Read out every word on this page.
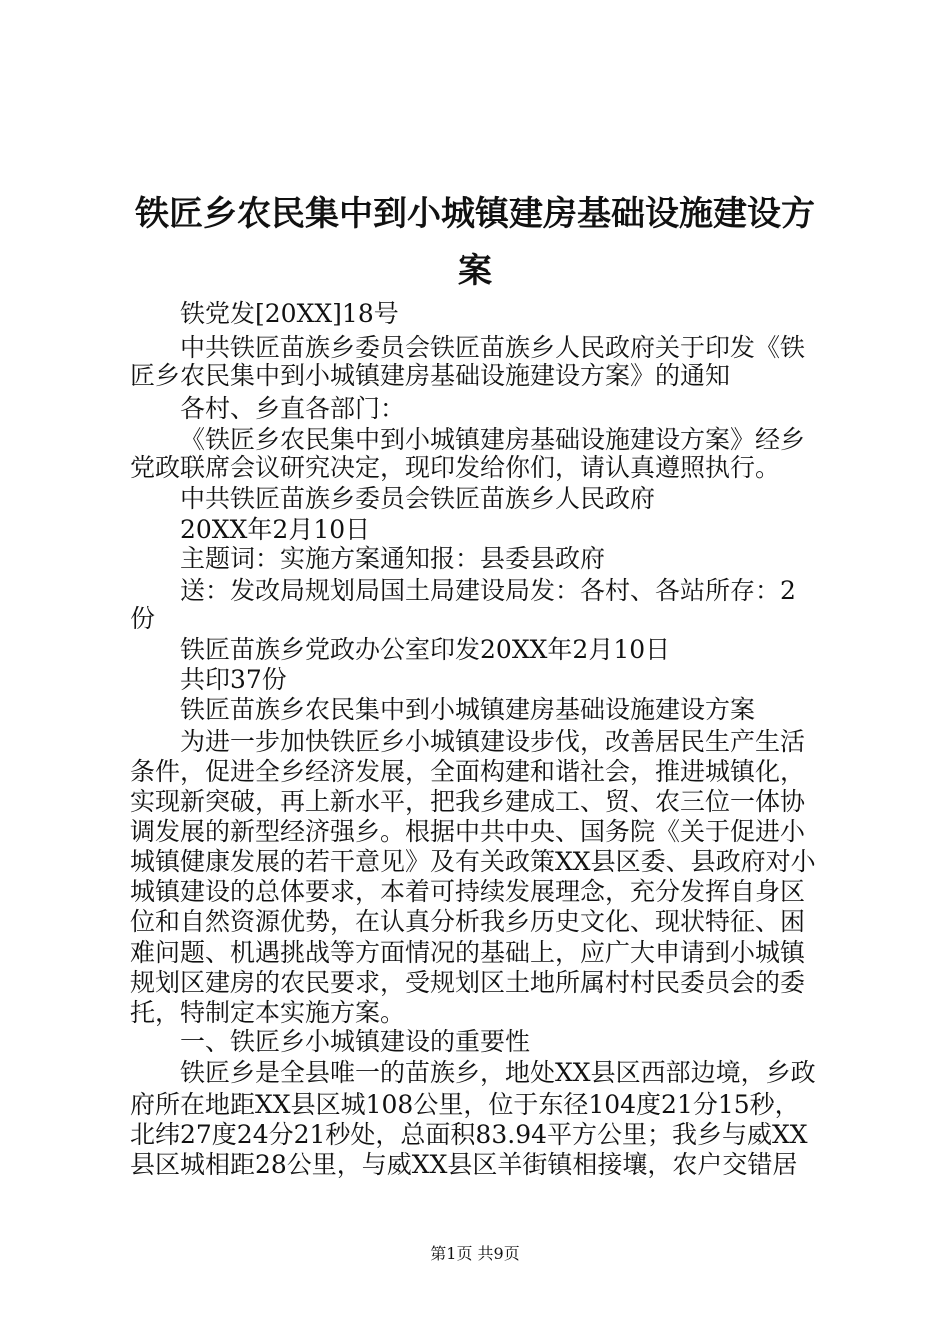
铁匠乡农民集中到小城镇建房基础设施建设方
案

铁党发[20XX]18号

中共铁匠苗族乡委员会铁匠苗族乡人民政府关于印发《铁

匠乡农民集中到小城镇建房基础设施建设方案》的通知

各村、乡直各部门：

《铁匠乡农民集中到小城镇建房基础设施建设方案》经乡

党政联席会议研究决定，现印发给你们，请认真遵照执行。

中共铁匠苗族乡委员会铁匠苗族乡人民政府

20XX年2月10日

主题词：实施方案通知报：县委县政府

送：发改局规划局国土局建设局发：各村、各站所存：2

份

铁匠苗族乡党政办公室印发20XX年2月10日

共印37份

铁匠苗族乡农民集中到小城镇建房基础设施建设方案

为进一步加快铁匠乡小城镇建设步伐，改善居民生产生活

条件，促进全乡经济发展，全面构建和谐社会，推进城镇化，

实现新突破，再上新水平，把我乡建成工、贸、农三位一体协

调发展的新型经济强乡。根据中共中央、国务院《关于促进小

城镇健康发展的若干意见》及有关政策XX县区委、县政府对小

城镇建设的总体要求，本着可持续发展理念，充分发挥自身区

位和自然资源优势，在认真分析我乡历史文化、现状特征、困

难问题、机遇挑战等方面情况的基础上，应广大申请到小城镇

规划区建房的农民要求，受规划区土地所属村村民委员会的委

托，特制定本实施方案。

一、铁匠乡小城镇建设的重要性

铁匠乡是全县唯一的苗族乡，地处XX县区西部边境，乡政

府所在地距XX县区城108公里，位于东径104度21分15秒，

北纬27度24分21秒处，总面积83.94平方公里；我乡与威XX

县区城相距28公里，与威XX县区羊街镇相接壤，农户交错居

第1页 共9页
